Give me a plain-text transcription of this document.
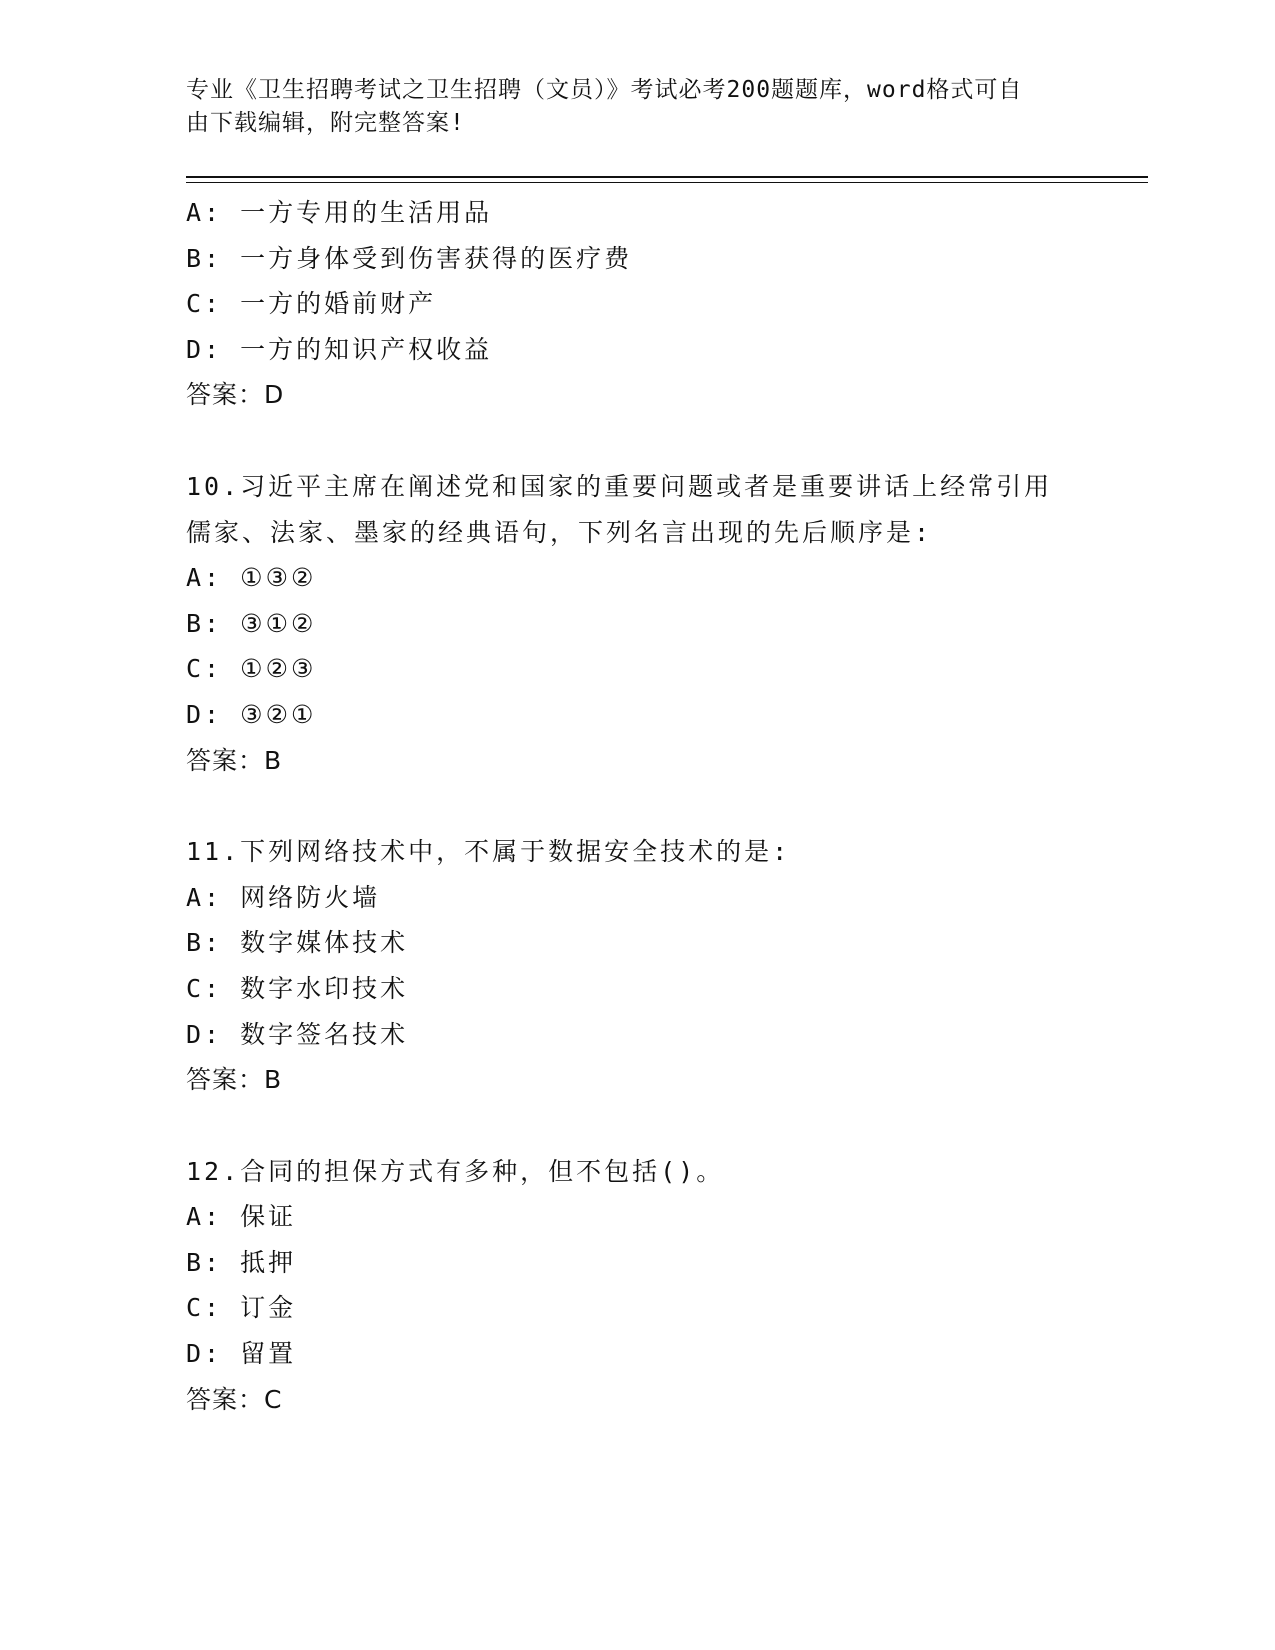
专业《卫生招聘考试之卫生招聘（文员）》考试必考200题题库，word格式可自
由下载编辑，附完整答案!
A: 一方专用的生活用品
B: 一方身体受到伤害获得的医疗费
C: 一方的婚前财产
D: 一方的知识产权收益
答案：D
10.习近平主席在阐述党和国家的重要问题或者是重要讲话上经常引用
儒家、法家、墨家的经典语句，下列名言出现的先后顺序是:
A: ①③②
B: ③①②
C: ①②③
D: ③②①
答案：B
11.下列网络技术中，不属于数据安全技术的是:
A: 网络防火墙
B: 数字媒体技术
C: 数字水印技术
D: 数字签名技术
答案：B
12.合同的担保方式有多种，但不包括()。
A: 保证
B: 抵押
C: 订金
D: 留置
答案：C
